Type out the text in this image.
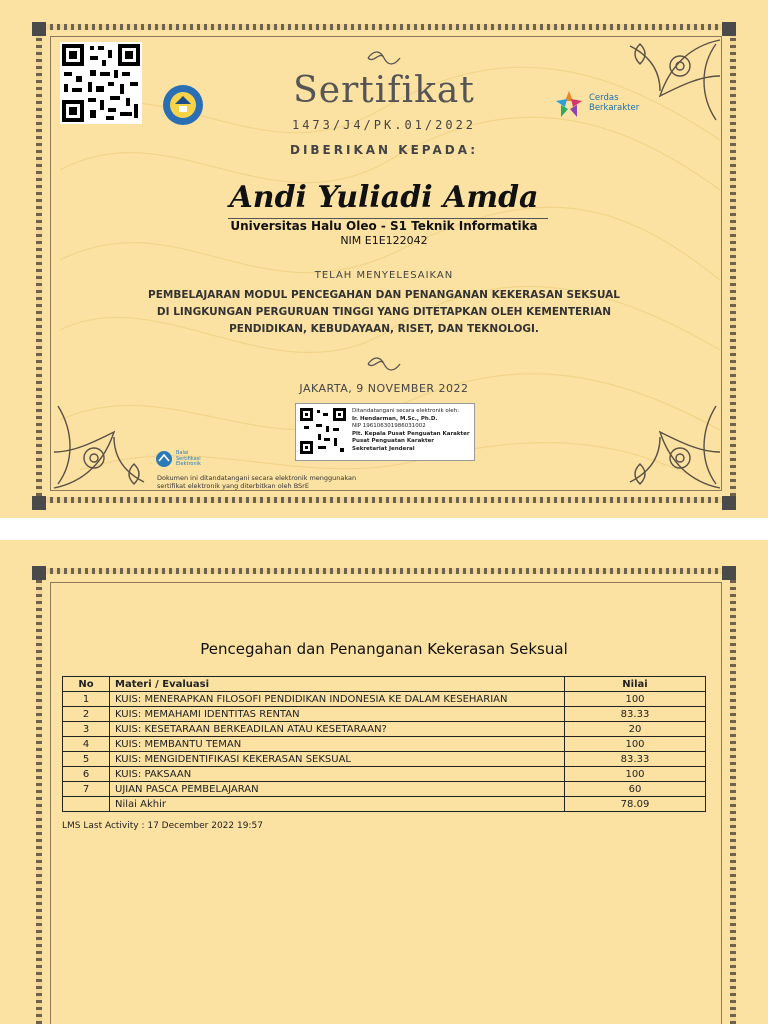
Cerdas
Berkarakter
Sertifikat
1473/J4/PK.01/2022
DIBERIKAN KEPADA:
Andi Yuliadi Amda
Universitas Halu Oleo - S1 Teknik Informatika
NIM E1E122042
TELAH MENYELESAIKAN
PEMBELAJARAN MODUL PENCEGAHAN DAN PENANGANAN KEKERASAN SEKSUAL
DI LINGKUNGAN PERGURUAN TINGGI YANG DITETAPKAN OLEH KEMENTERIAN
PENDIDIKAN, KEBUDAYAAN, RISET, DAN TEKNOLOGI.
JAKARTA, 9 NOVEMBER 2022
Ditandatangani secara elektronik oleh:
Ir. Hendarman, M.Sc., Ph.D.
NIP 196106301986031002
Plt. Kepala Pusat Penguatan Karakter
Pusat Penguatan Karakter
Sekretariat Jenderal
Balai
Sertifikasi
Elektronik
Dokumen ini ditandatangani secara elektronik menggunakan
sertifikat elektronik yang diterbitkan oleh BSrE
Pencegahan dan Penanganan Kekerasan Seksual
No	Materi / Evaluasi	Nilai
1	KUIS: MENERAPKAN FILOSOFI PENDIDIKAN INDONESIA KE DALAM KESEHARIAN	100
2	KUIS: MEMAHAMI IDENTITAS RENTAN	83.33
3	KUIS: KESETARAAN BERKEADILAN ATAU KESETARAAN?	20
4	KUIS: MEMBANTU TEMAN	100
5	KUIS: MENGIDENTIFIKASI KEKERASAN SEKSUAL	83.33
6	KUIS: PAKSAAN	100
7	UJIAN PASCA PEMBELAJARAN	60
	Nilai Akhir	78.09
LMS Last Activity : 17 December 2022 19:57
